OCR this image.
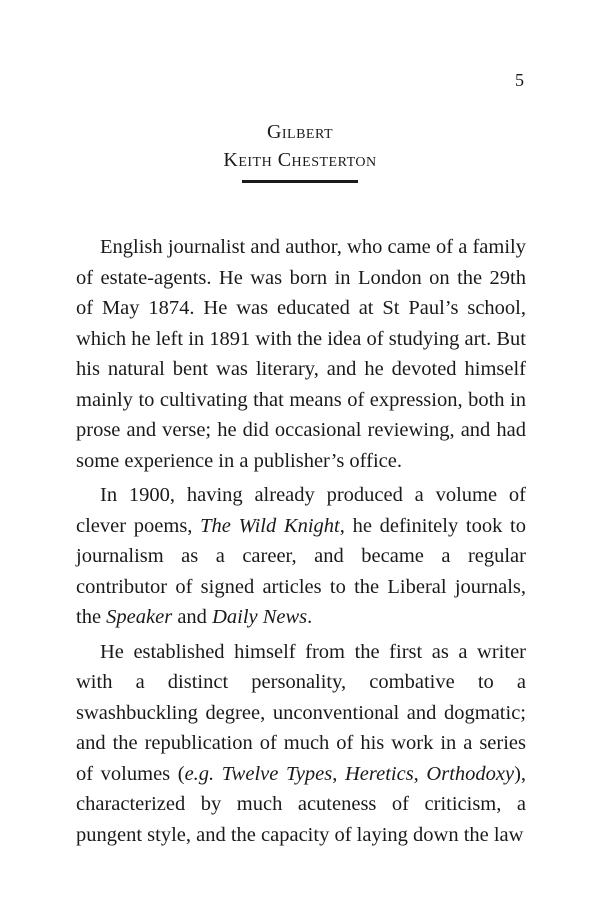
5
Gilbert
Keith Chesterton

English journalist and author, who came of a family of estate-agents. He was born in London on the 29th of May 1874. He was educated at St Paul’s school, which he left in 1891 with the idea of studying art. But his natural bent was literary, and he devoted himself mainly to cultivating that means of expression, both in prose and verse; he did occasional reviewing, and had some experience in a publisher’s office.

In 1900, having already produced a volume of clever poems, The Wild Knight, he definitely took to journalism as a career, and became a regular contributor of signed articles to the Liberal journals, the Speaker and Daily News.

He established himself from the first as a writer with a distinct personality, combative to a swashbuckling degree, unconventional and dogmatic; and the republication of much of his work in a series of volumes (e.g. Twelve Types, Heretics, Orthodoxy), characterized by much acuteness of criticism, a pungent style, and the capacity of laying down the law
